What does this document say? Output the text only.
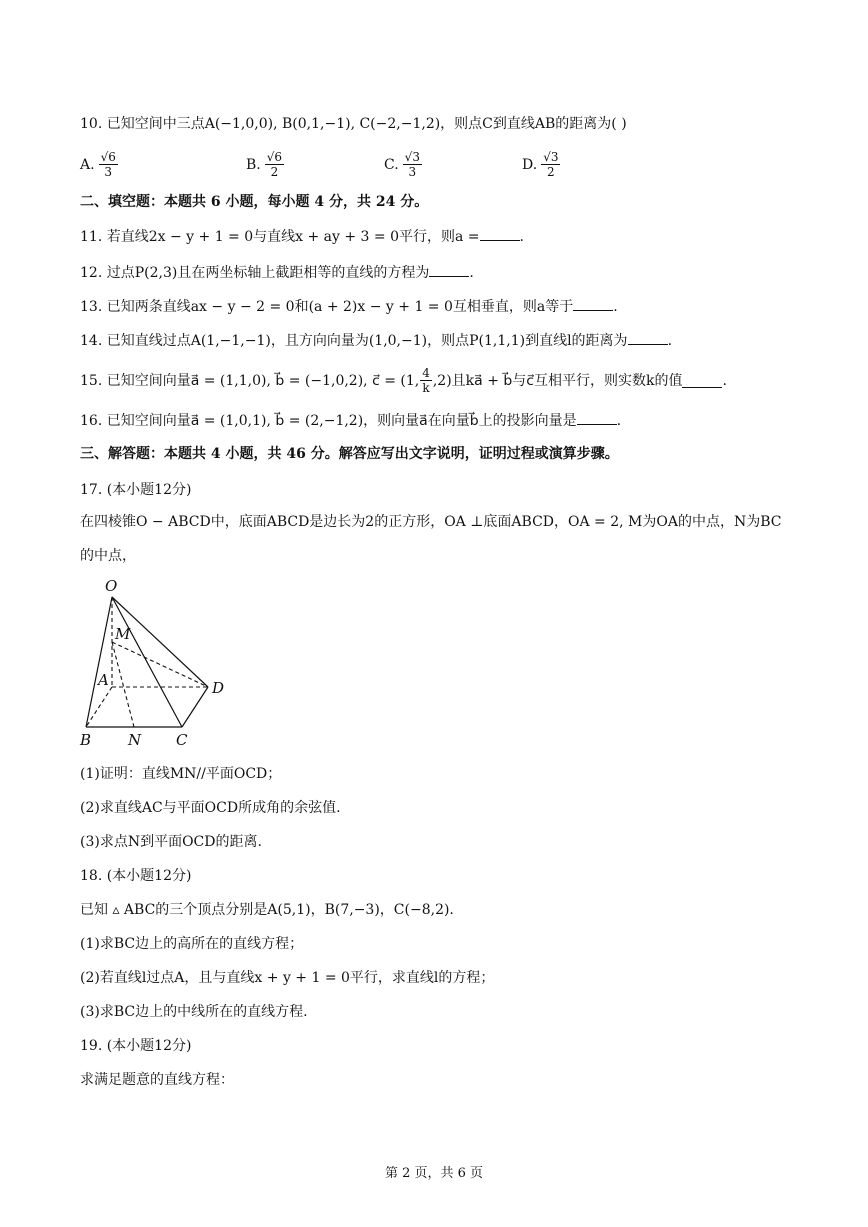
10. 已知空间中三点A(−1,0,0), B(0,1,−1), C(−2,−1,2)，则点C到直线AB的距离为( )
A. $\frac{√6}{3}$	B. $\frac{√6}{2}$	C. $\frac{√3}{3}$	D. $\frac{√3}{2}$
二、填空题：本题共 6 小题，每小题 4 分，共 24 分。
11. 若直线2x − y + 1 = 0与直线x + ay + 3 = 0平行，则a =	.
12. 过点P(2,3)且在两坐标轴上截距相等的直线的方程为	.
13. 已知两条直线ax − y − 2 = 0和(a + 2)x − y + 1 = 0互相垂直，则a等于	.
14. 已知直线过点A(1,−1,−1)，且方向向量为(1,0,−1)，则点P(1,1,1)到直线l的距离为	.
15. 已知空间向量a⃗ = (1,1,0), b⃗ = (−1,0,2), c⃗ = (1, $\frac{4}{k} ,2$)且ka⃗ + b⃗与c⃗互相平行，则实数k的值	.
16. 已知空间向量a⃗ = (1,0,1), b⃗ = (2,−1,2)，则向量a⃗在向量b⃗上的投影向量是	.
三、解答题：本题共 4 小题，共 46 分。解答应写出文字说明，证明过程或演算步骤。
17. (本小题12分)
在四棱锥O − ABCD中，底面ABCD是边长为2的正方形，OA ⊥底面ABCD，OA = 2, M为OA的中点，N为BC
的中点，
O
M
A	D
B N C
(1)证明：直线MN//平面OCD；
(2)求直线AC与平面OCD所成角的余弦值.
(3)求点N到平面OCD的距离.
18. (本小题12分)
已知 ▵ ABC的三个顶点分别是A(5,1)，B(7,−3)，C(−8,2).
(1)求BC边上的高所在的直线方程；
(2)若直线l过点A，且与直线x + y + 1 = 0平行，求直线l的方程；
(3)求BC边上的中线所在的直线方程.
19. (本小题12分)
求满足题意的直线方程：
第 2 页，共 6 页
